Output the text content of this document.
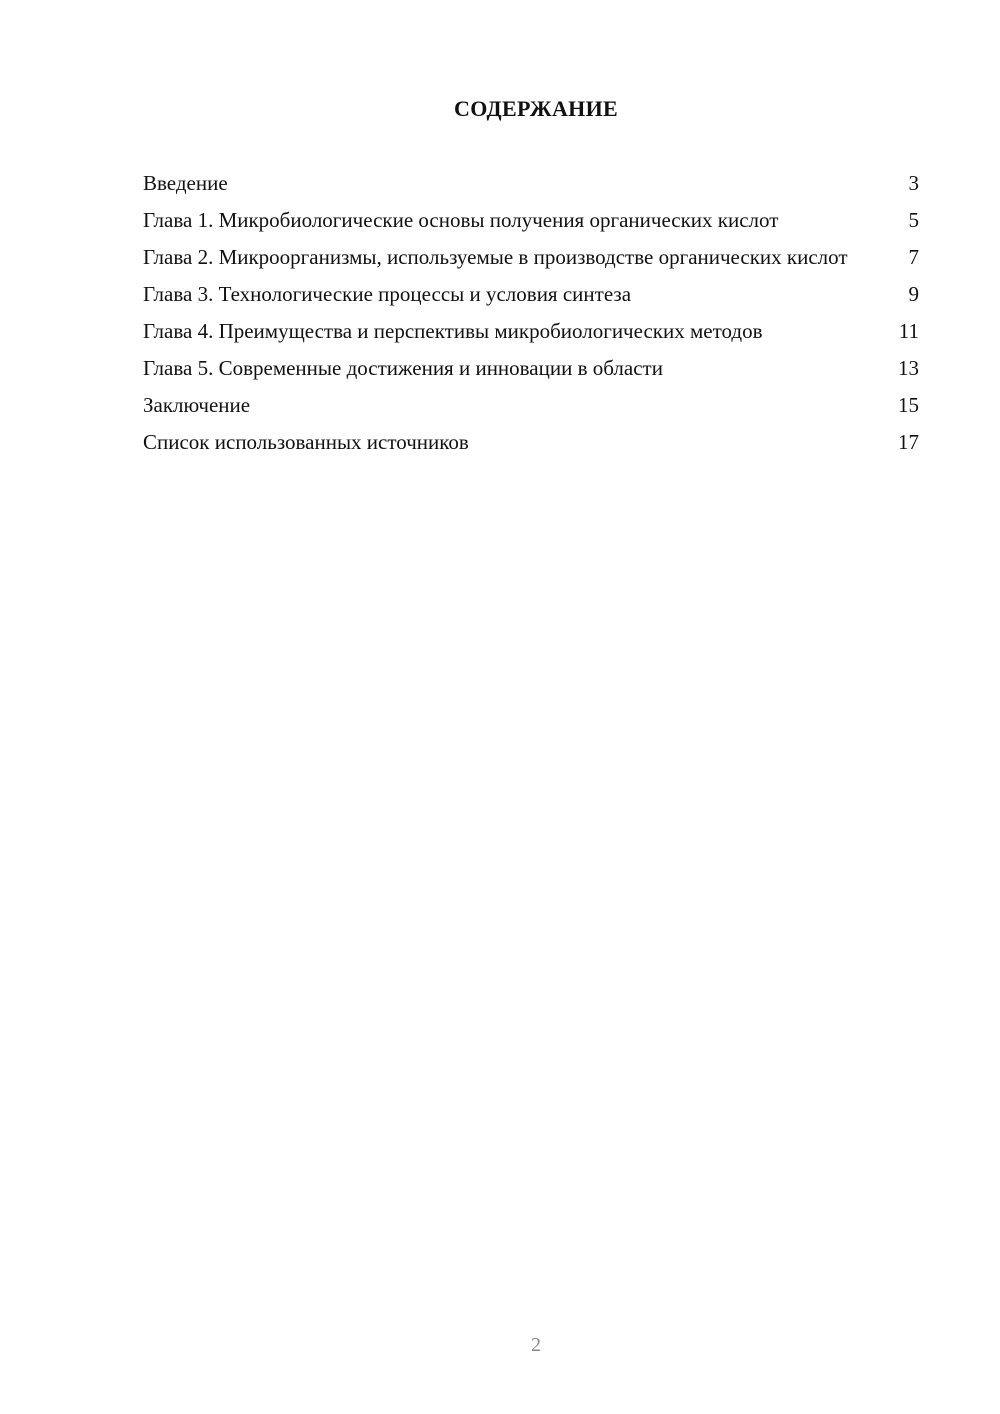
СОДЕРЖАНИЕ
Введение	3
Глава 1. Микробиологические основы получения органических кислот	5
Глава 2. Микроорганизмы, используемые в производстве органических кислот	7
Глава 3. Технологические процессы и условия синтеза	9
Глава 4. Преимущества и перспективы микробиологических методов	11
Глава 5. Современные достижения и инновации в области	13
Заключение	15
Список использованных источников	17
2
